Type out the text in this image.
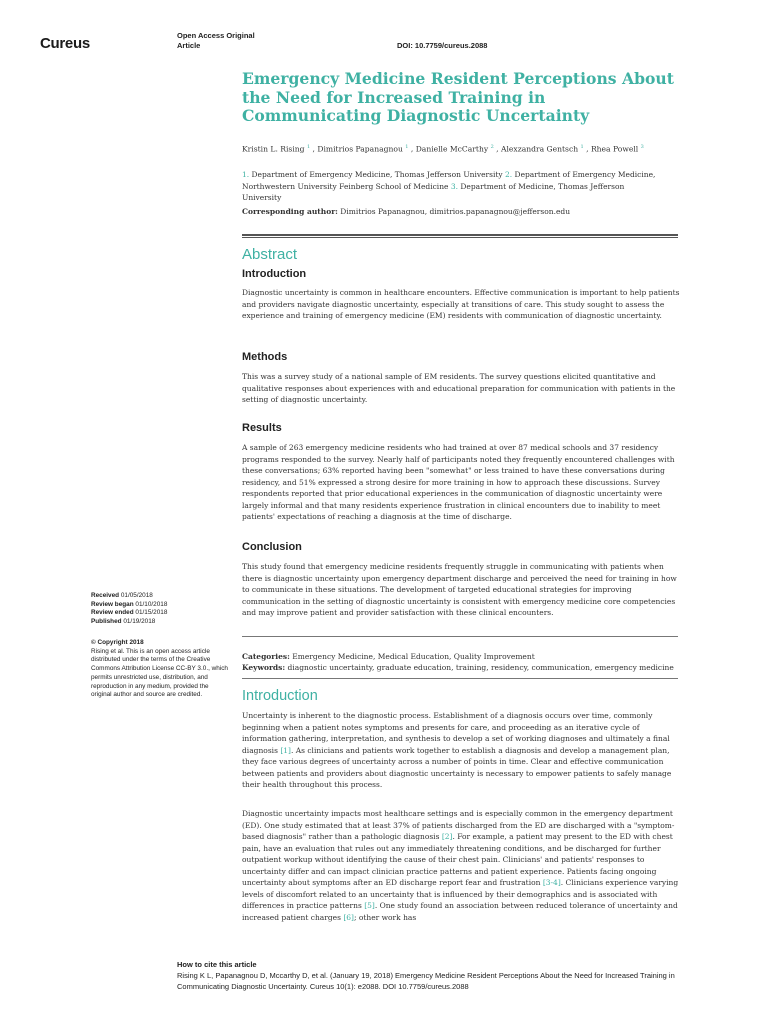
Cureus	Open Access Original
Article	DOI: 10.7759/cureus.2088
Emergency Medicine Resident Perceptions About the Need for Increased Training in Communicating Diagnostic Uncertainty
Kristin L. Rising $^1$ , Dimitrios Papanagnou $^1$ , Danielle McCarthy $^2$ , Alexzandra Gentsch $^1$ , Rhea Powell $^3$
1. Department of Emergency Medicine, Thomas Jefferson University 2. Department of Emergency Medicine, Northwestern University Feinberg School of Medicine 3. Department of Medicine, Thomas Jefferson University
Corresponding author: Dimitrios Papanagnou, dimitrios.papanagnou@jefferson.edu
Abstract
Introduction
Diagnostic uncertainty is common in healthcare encounters. Effective communication is important to help patients and providers navigate diagnostic uncertainty, especially at transitions of care. This study sought to assess the experience and training of emergency medicine (EM) residents with communication of diagnostic uncertainty.
Methods
This was a survey study of a national sample of EM residents. The survey questions elicited quantitative and qualitative responses about experiences with and educational preparation for communication with patients in the setting of diagnostic uncertainty.
Results
A sample of 263 emergency medicine residents who had trained at over 87 medical schools and 37 residency programs responded to the survey. Nearly half of participants noted they frequently encountered challenges with these conversations; 63% reported having been "somewhat" or less trained to have these conversations during residency, and 51% expressed a strong desire for more training in how to approach these discussions. Survey respondents reported that prior educational experiences in the communication of diagnostic uncertainty were largely informal and that many residents experience frustration in clinical encounters due to inability to meet patients' expectations of reaching a diagnosis at the time of discharge.
Conclusion
This study found that emergency medicine residents frequently struggle in communicating with patients when there is diagnostic uncertainty upon emergency department discharge and perceived the need for training in how to communicate in these situations. The development of targeted educational strategies for improving communication in the setting of diagnostic uncertainty is consistent with emergency medicine core competencies and may improve patient and provider satisfaction with these clinical encounters.
Categories: Emergency Medicine, Medical Education, Quality Improvement
Keywords: diagnostic uncertainty, graduate education, training, residency, communication, emergency medicine
Received 01/05/2018
Review began 01/10/2018
Review ended 01/15/2018
Published 01/19/2018
© Copyright 2018
Rising et al. This is an open access article distributed under the terms of the Creative Commons Attribution License CC-BY 3.0., which permits unrestricted use, distribution, and reproduction in any medium, provided the original author and source are credited.	Introduction
Uncertainty is inherent to the diagnostic process. Establishment of a diagnosis occurs over time, commonly beginning when a patient notes symptoms and presents for care, and proceeding as an iterative cycle of information gathering, interpretation, and synthesis to develop a set of working diagnoses and ultimately a final diagnosis [1]. As clinicians and patients work together to establish a diagnosis and develop a management plan, they face various degrees of uncertainty across a number of points in time. Clear and effective communication between patients and providers about diagnostic uncertainty is necessary to empower patients to safely manage their health throughout this process.
Diagnostic uncertainty impacts most healthcare settings and is especially common in the emergency department (ED). One study estimated that at least 37% of patients discharged from the ED are discharged with a "symptom-based diagnosis" rather than a pathologic diagnosis [2]. For example, a patient may present to the ED with chest pain, have an evaluation that rules out any immediately threatening conditions, and be discharged for further outpatient workup without identifying the cause of their chest pain. Clinicians' and patients' responses to uncertainty differ and can impact clinician practice patterns and patient experience. Patients facing ongoing uncertainty about symptoms after an ED discharge report fear and frustration [3-4]. Clinicians experience varying levels of discomfort related to an uncertainty that is influenced by their demographics and is associated with differences in practice patterns [5]. One study found an association between reduced tolerance of uncertainty and increased patient charges [6]; other work has
How to cite this article
Rising K L, Papanagnou D, Mccarthy D, et al. (January 19, 2018) Emergency Medicine Resident Perceptions About the Need for Increased Training in Communicating Diagnostic Uncertainty. Cureus 10(1): e2088. DOI 10.7759/cureus.2088
